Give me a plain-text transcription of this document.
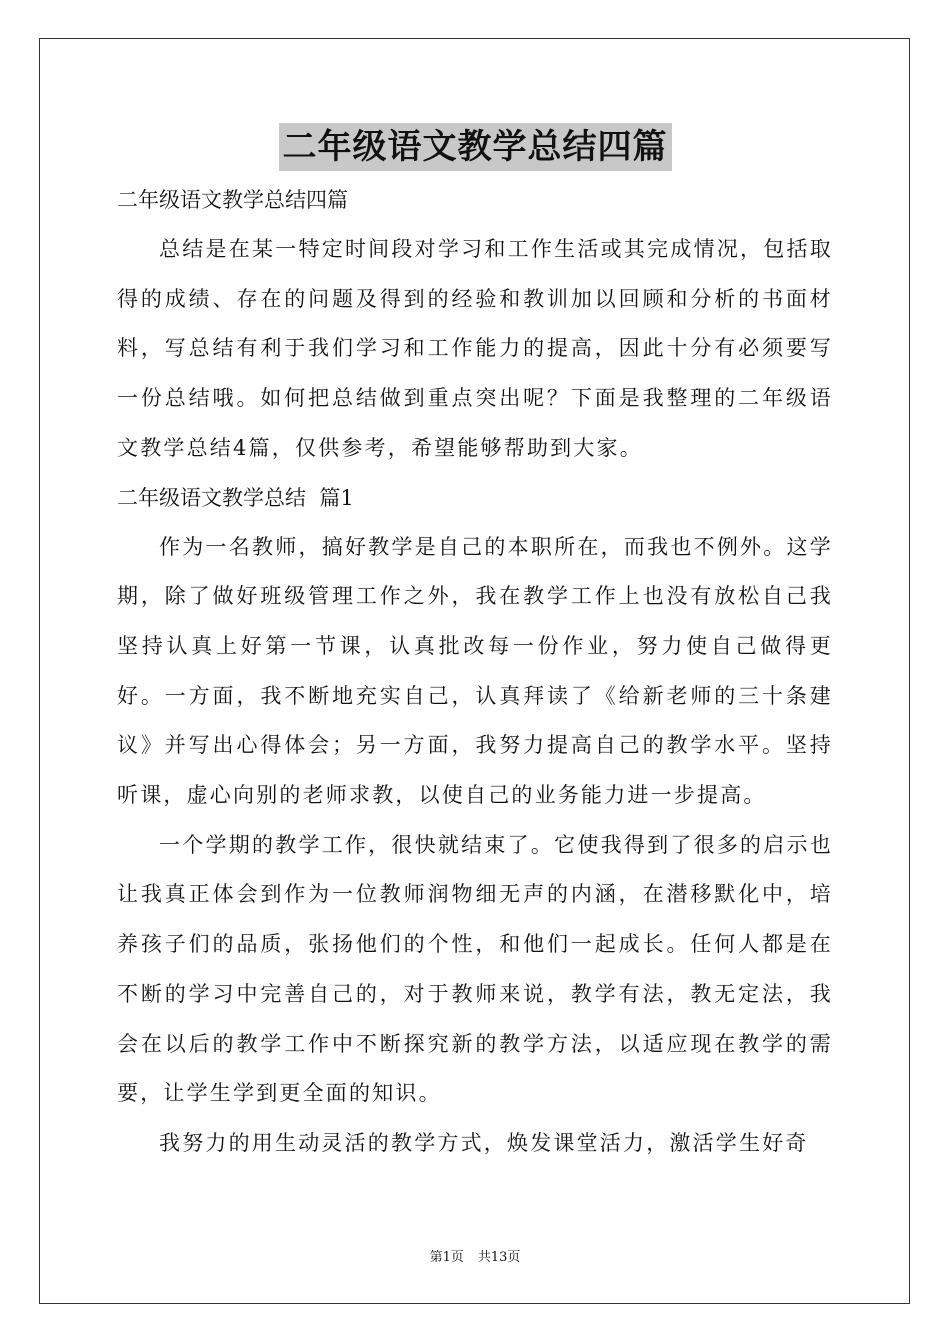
二年级语文教学总结四篇

二年级语文教学总结四篇

总结是在某一特定时间段对学习和工作生活或其完成情况，包括取得的成绩、存在的问题及得到的经验和教训加以回顾和分析的书面材料，写总结有利于我们学习和工作能力的提高，因此十分有必须要写一份总结哦。如何把总结做到重点突出呢？下面是我整理的二年级语文教学总结4篇，仅供参考，希望能够帮助到大家。

二年级语文教学总结  篇1

作为一名教师，搞好教学是自己的本职所在，而我也不例外。这学期，除了做好班级管理工作之外，我在教学工作上也没有放松自己我坚持认真上好第一节课，认真批改每一份作业，努力使自己做得更好。一方面，我不断地充实自己，认真拜读了《给新老师的三十条建议》并写出心得体会；另一方面，我努力提高自己的教学水平。坚持听课，虚心向别的老师求教，以使自己的业务能力进一步提高。

一个学期的教学工作，很快就结束了。它使我得到了很多的启示也让我真正体会到作为一位教师润物细无声的内涵，在潜移默化中，培养孩子们的品质，张扬他们的个性，和他们一起成长。任何人都是在不断的学习中完善自己的，对于教师来说，教学有法，教无定法，我会在以后的教学工作中不断探究新的教学方法，以适应现在教学的需要，让学生学到更全面的知识。

我努力的用生动灵活的教学方式，焕发课堂活力，激活学生好奇

第1页 共13页
